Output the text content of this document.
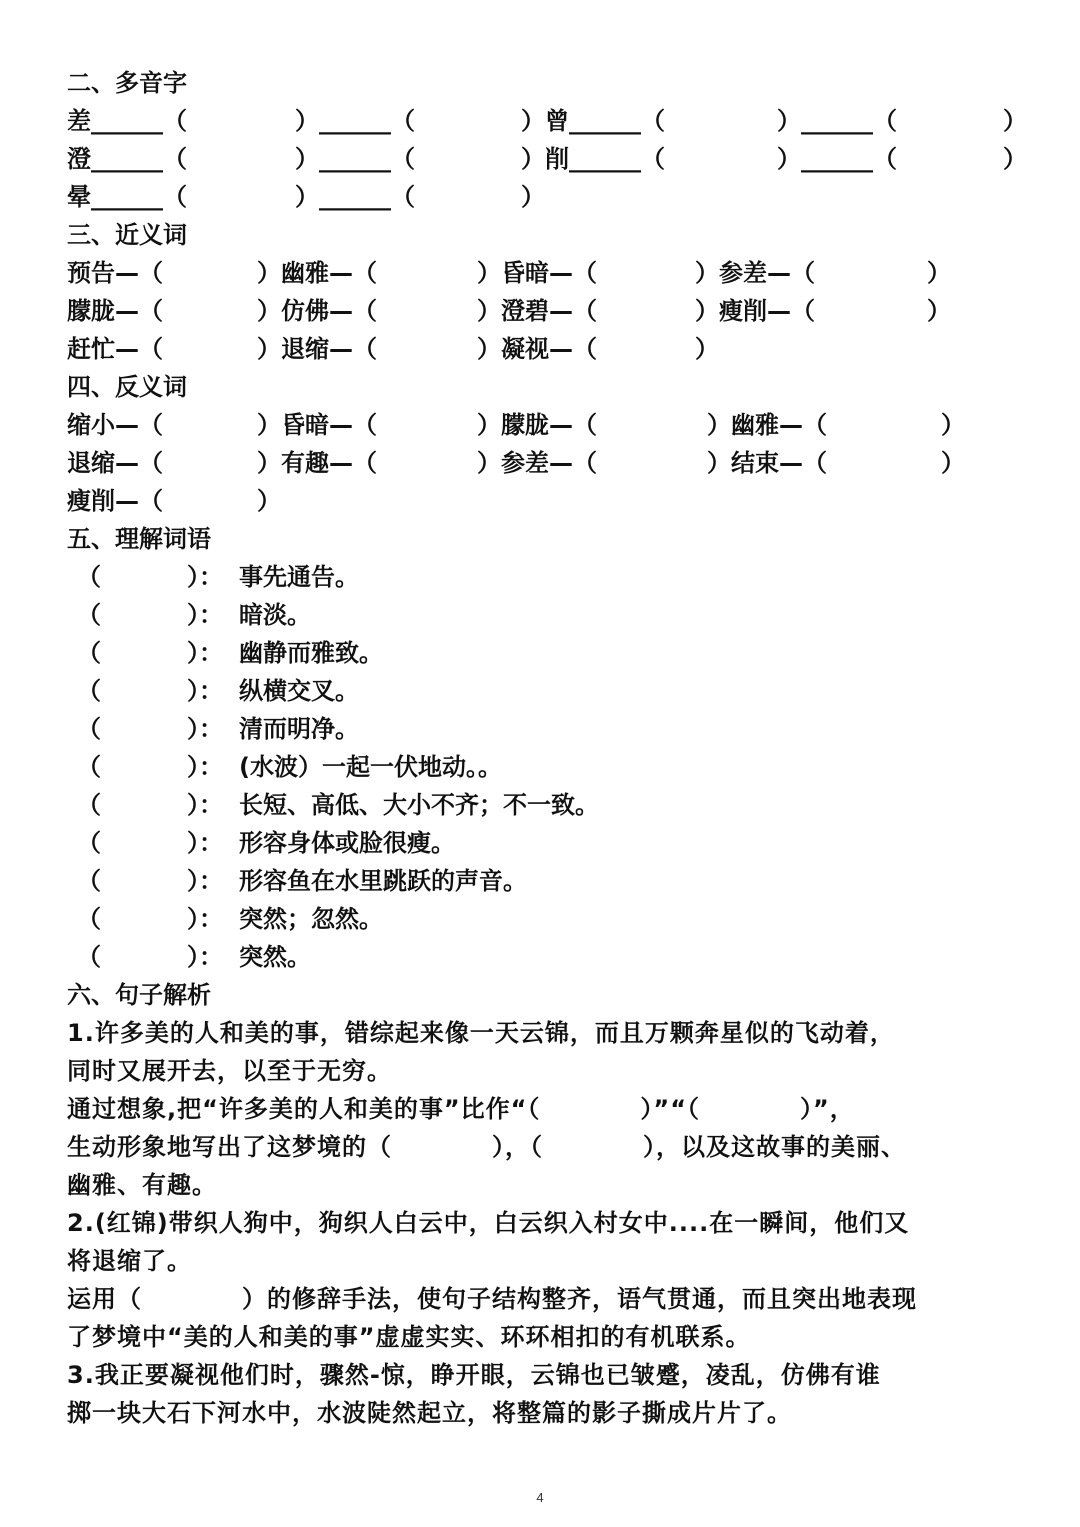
二、多音字
差______（	）______（	）曾______（	）______（	）
澄______（	）______（	）削______（	）______（	）
晕______（	）______（	）
三、近义词
预告—（	）幽雅—（	）昏暗—（	）参差—（	）
朦胧—（	）仿佛—（	）澄碧—（	）瘦削—（	）
赶忙—（	）退缩—（	）凝视—（	）
四、反义词
缩小—（	）昏暗—（	）朦胧—（	）幽雅—（	）
退缩—（	）有趣—（	）参差—（	）结束—（	）
瘦削—（	）
五、理解词语
（	）： 事先通告。
（	）： 暗淡。
（	）： 幽静而雅致。
（	）： 纵横交叉。
（	）： 清而明净。
（	）： (水波）一起一伏地动。。
（	）： 长短、高低、大小不齐；不一致。
（	）： 形容身体或脸很瘦。
（	）： 形容鱼在水里跳跃的声音。
（	）： 突然；忽然。
（	）： 突然。
六、句子解析
1.许多美的人和美的事，错综起来像一天云锦，而且万颗奔星似的飞动着，
同时又展开去，以至于无穷。
通过想象,把“许多美的人和美的事”比作“（　　　　）”“（　　　　）”，
生动形象地写出了这梦境的（　　　　），（　　　　），以及这故事的美丽、
幽雅、有趣。
2.(红锦)带织人狗中，狗织人白云中，白云织入村女中....在一瞬间，他们又
将退缩了。
运用（　　　　）的修辞手法，使句子结构整齐，语气贯通，而且突出地表现
了梦境中“美的人和美的事”虚虚实实、环环相扣的有机联系。
3.我正要凝视他们时，骤然-惊，睁开眼，云锦也已皱蹙，凌乱，仿佛有谁
掷一块大石下河水中，水波陡然起立，将整篇的影子撕成片片了。
4
